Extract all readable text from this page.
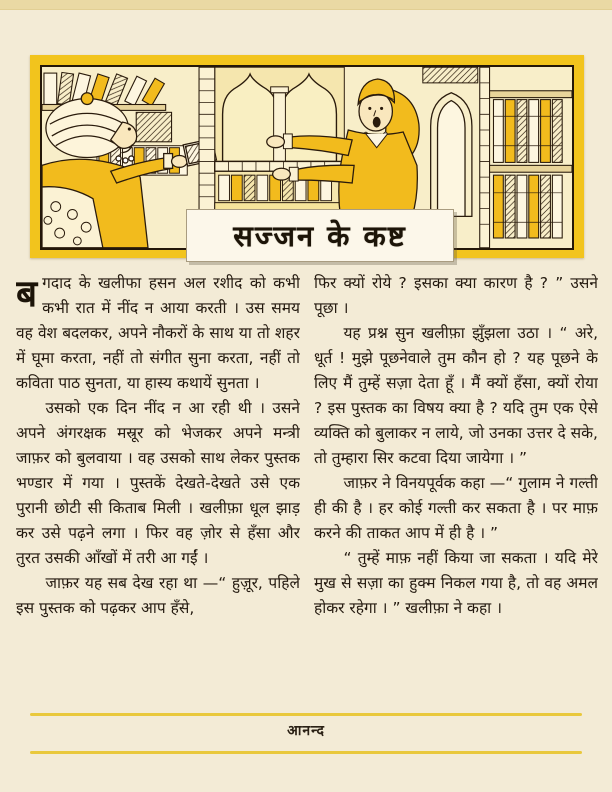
सज्जन के कष्ट

बगदाद के खलीफा हसन अल रशीद को कभी कभी रात में नींद न आया करती । उस समय वह वेश बदलकर, अपने नौकरों के साथ या तो शहर में घूमा करता, नहीं तो संगीत सुना करता, नहीं तो कविता पाठ सुनता, या हास्य कथायें सुनता ।

उसको एक दिन नींद न आ रही थी । उसने अपने अंगरक्षक मस्रूर को भेजकर अपने मन्त्री जाफ़र को बुलवाया । वह उसको साथ लेकर पुस्तक भण्डार में गया । पुस्तकें देखते-देखते उसे एक पुरानी छोटी सी किताब मिली । खलीफ़ा धूल झाड़ कर उसे पढ़ने लगा । फिर वह ज़ोर से हँसा और तुरत उसकी आँखों में तरी आ गईं ।

जाफ़र यह सब देख रहा था —“ हुज़ूर, पहिले इस पुस्तक को पढ़कर आप हँसे,

फिर क्यों रोये ? इसका क्या कारण है ? ” उसने पूछा ।

यह प्रश्न सुन खलीफ़ा झुँझला उठा । “ अरे, धूर्त ! मुझे पूछनेवाले तुम कौन हो ? यह पूछने के लिए मैं तुम्हें सज़ा देता हूँ । मैं क्यों हँसा, क्यों रोया ? इस पुस्तक का विषय क्या है ? यदि तुम एक ऐसे व्यक्ति को बुलाकर न लाये, जो उनका उत्तर दे सके, तो तुम्हारा सिर कटवा दिया जायेगा । ”

जाफ़र ने विनयपूर्वक कहा —“ गुलाम ने गल्ती ही की है । हर कोई गल्ती कर सकता है । पर माफ़ करने की ताकत आप में ही है । ”

“ तुम्हें माफ़ नहीं किया जा सकता । यदि मेरे मुख से सज़ा का हुक्म निकल गया है, तो वह अमल होकर रहेगा । ” खलीफ़ा ने कहा ।

आनन्द
